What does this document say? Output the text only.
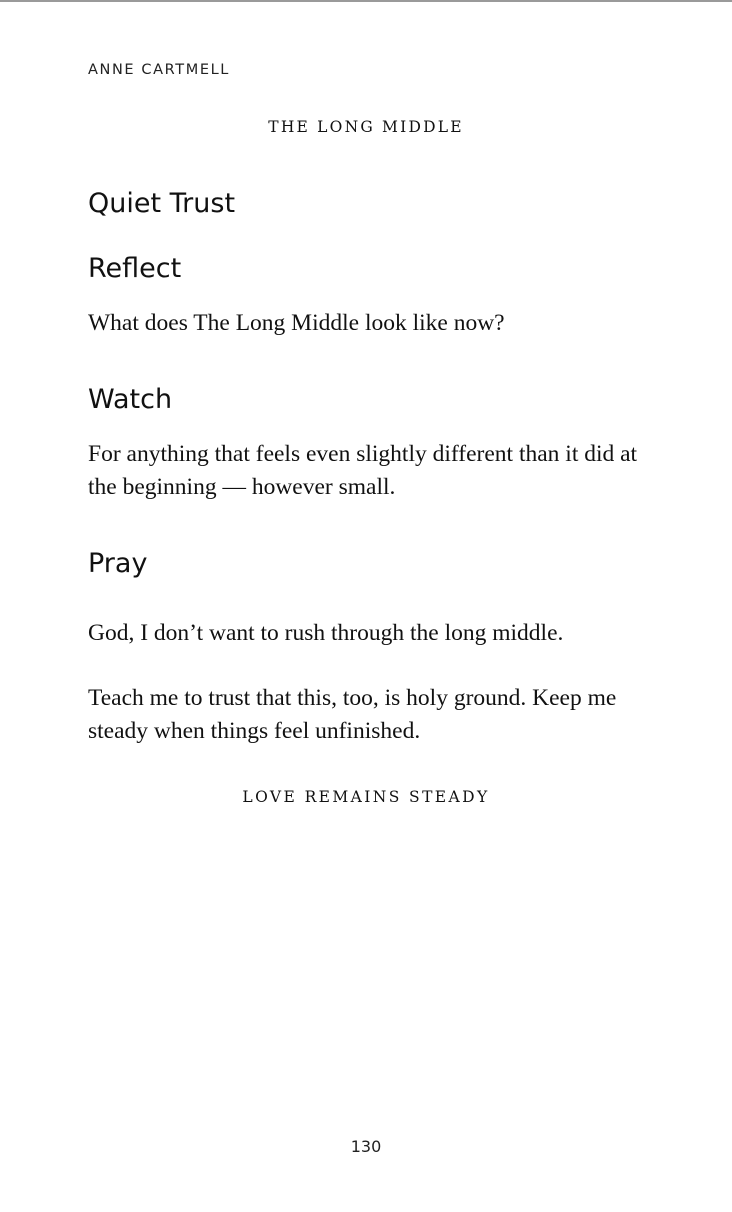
ANNE CARTMELL
THE LONG MIDDLE
Quiet Trust
Reflect

What does The Long Middle look like now?

Watch

For anything that feels even slightly different than it did at the beginning — however small.

Pray

God, I don’t want to rush through the long middle.

Teach me to trust that this, too, is holy ground. Keep me steady when things feel unfinished.

LOVE REMAINS STEADY
130
